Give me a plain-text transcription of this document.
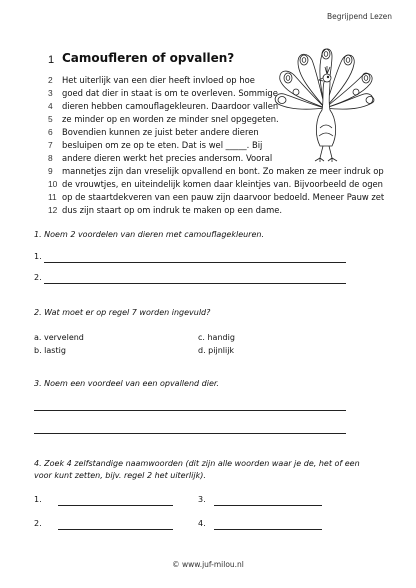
Begrijpend Lezen
1 Camoufleren of opvallen?
2	Het uiterlijk van een dier heeft invloed op hoe
3	goed dat dier in staat is om te overleven. Sommige
4	dieren hebben camouflagekleuren. Daardoor vallen
5	ze minder op en worden ze minder snel opgegeten.
6	Bovendien kunnen ze juist beter andere dieren
7	besluipen om ze op te eten. Dat is wel _____. Bij
8	andere dieren werkt het precies andersom. Vooral
9	mannetjes zijn dan vreselijk opvallend en bont. Zo maken ze meer indruk op
10 de vrouwtjes, en uiteindelijk komen daar kleintjes van. Bijvoorbeeld de ogen
11 op de staartdekveren van een pauw zijn daarvoor bedoeld. Meneer Pauw zet
12 dus zijn staart op om indruk te maken op een dame.
1. Noem 2 voordelen van dieren met camouflagekleuren.
1.
2.
2. Wat moet er op regel 7 worden ingevuld?
a. vervelend
b. lastig
c. handig
d. pijnlijk
3. Noem een voordeel van een opvallend dier.
4. Zoek 4 zelfstandige naamwoorden (dit zijn alle woorden waar je de, het of een
voor kunt zetten, bijv. regel 2 het uiterlijk).
1.	3.
2.	4.
© www.juf-milou.nl
